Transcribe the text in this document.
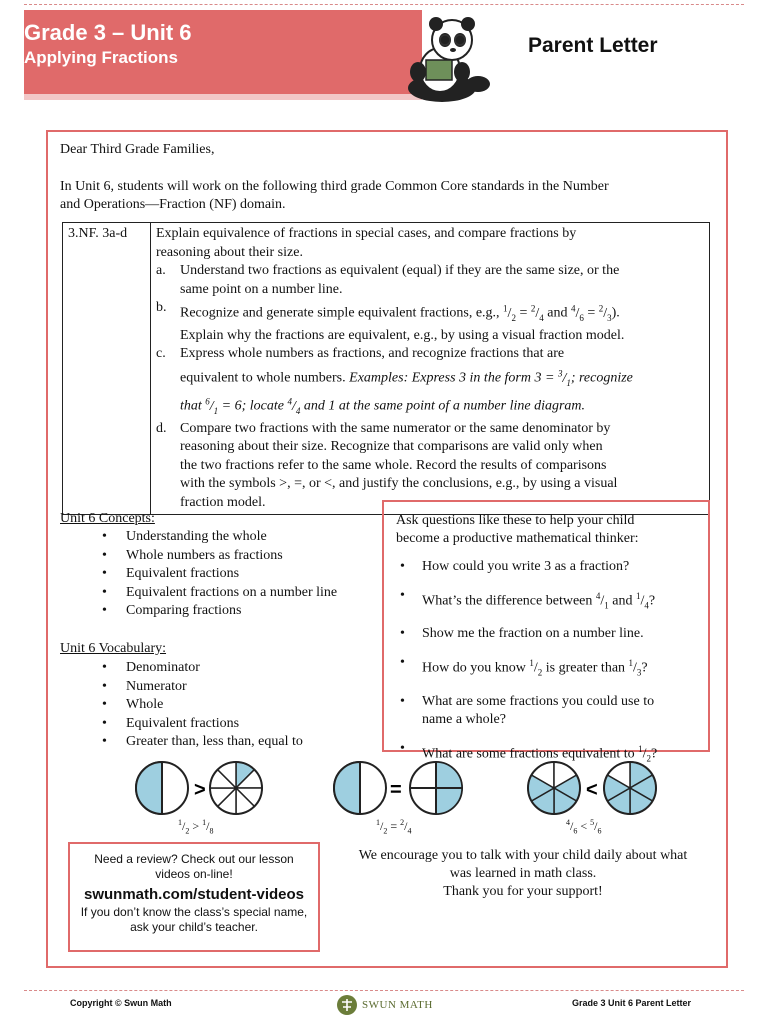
Grade 3 – Unit 6
Applying Fractions
Parent Letter
Dear Third Grade Families,
In Unit 6, students will work on the following third grade Common Core standards in the Number
and Operations—Fraction (NF) domain.
3.NF. 3a-d	Explain equivalence of fractions in special cases, and compare fractions by
reasoning about their size.
a.	Understand two fractions as equivalent (equal) if they are the same size, or the
same point on a number line.
b. Recognize and generate simple equivalent fractions, e.g., $^1/_2 = ^2/_4$ and $^4/_6 = ^2/_3$).
Explain why the fractions are equivalent, e.g., by using a visual fraction model.
c.	Express whole numbers as fractions, and recognize fractions that are
equivalent to whole numbers. Examples: Express 3 in the form $3 = ^3/_1$; recognize
that $^6/_1 = 6$; locate $^4/_4$ and 1 at the same point of a number line diagram.
d. Compare two fractions with the same numerator or the same denominator by
reasoning about their size. Recognize that comparisons are valid only when
the two fractions refer to the same whole. Record the results of comparisons
with the symbols >, =, or <, and justify the conclusions, e.g., by using a visual
fraction model.
Unit 6 Concepts:
• Understanding the whole
• Whole numbers as fractions
• Equivalent fractions
• Equivalent fractions on a number line
• Comparing fractions
Unit 6 Vocabulary:
• Denominator
• Numerator
• Whole
• Equivalent fractions
• Greater than, less than, equal to
Ask questions like these to help your child
become a productive mathematical thinker:
• How could you write 3 as a fraction?
• What’s the difference between $^4/_1$ and $^1/_4$?
• Show me the fraction on a number line.
• How do you know $^1/_2$ is greater than $^1/_3$?
• What are some fractions you could use to
name a whole?
• What are some fractions equivalent to $^1/_2$?
>	=	<
$^1/_2 > ^1/_8$
$^1/_2 = ^2/_4$
$^4/_6 < ^5/_6$
Need a review? Check out our lesson
videos on-line!
swunmath.com/student-videos
If you don’t know the class’s special name,
ask your child’s teacher.
We encourage you to talk with your child daily about what
was learned in math class.
Thank you for your support!
Copyright © Swun Math	SWUN MATH	Grade 3 Unit 6 Parent Letter
